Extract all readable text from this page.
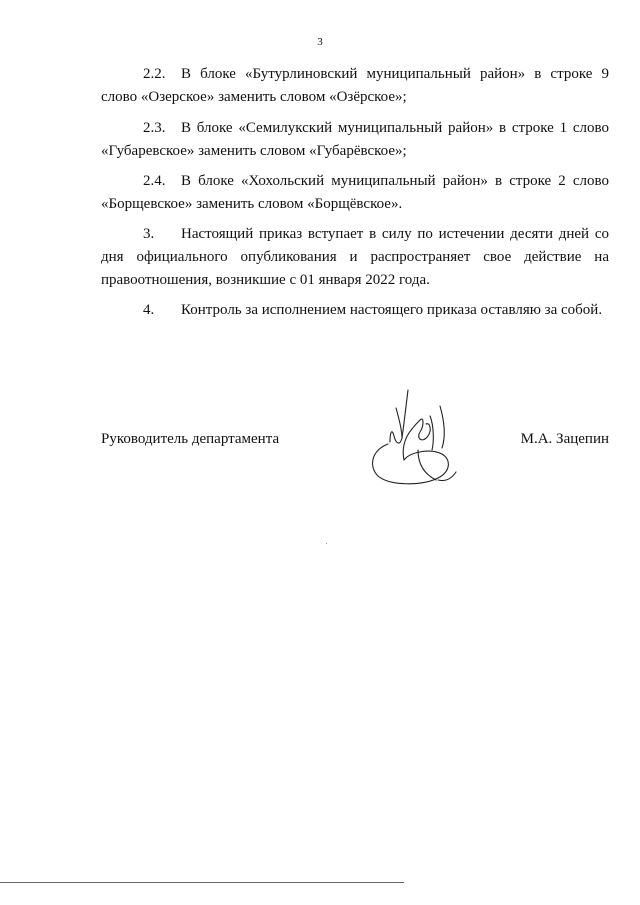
3
2.2. В блоке «Бутурлиновский муниципальный район» в строке 9
слово «Озерское» заменить словом «Озёрское»;
2.3. В блоке «Семилукский муниципальный район» в строке 1 слово
«Губаревское» заменить словом «Губарёвское»;
2.4. В блоке «Хохольский муниципальный район» в строке 2 слово
«Борщевское» заменить словом «Борщёвское».
3. Настоящий приказ вступает в силу по истечении десяти дней со
дня официального опубликования и распространяет свое действие на
правоотношения, возникшие с 01 января 2022 года.
4. Контроль за исполнением настоящего приказа оставляю за собой.
Руководитель департамента	М.А. Зацепин
